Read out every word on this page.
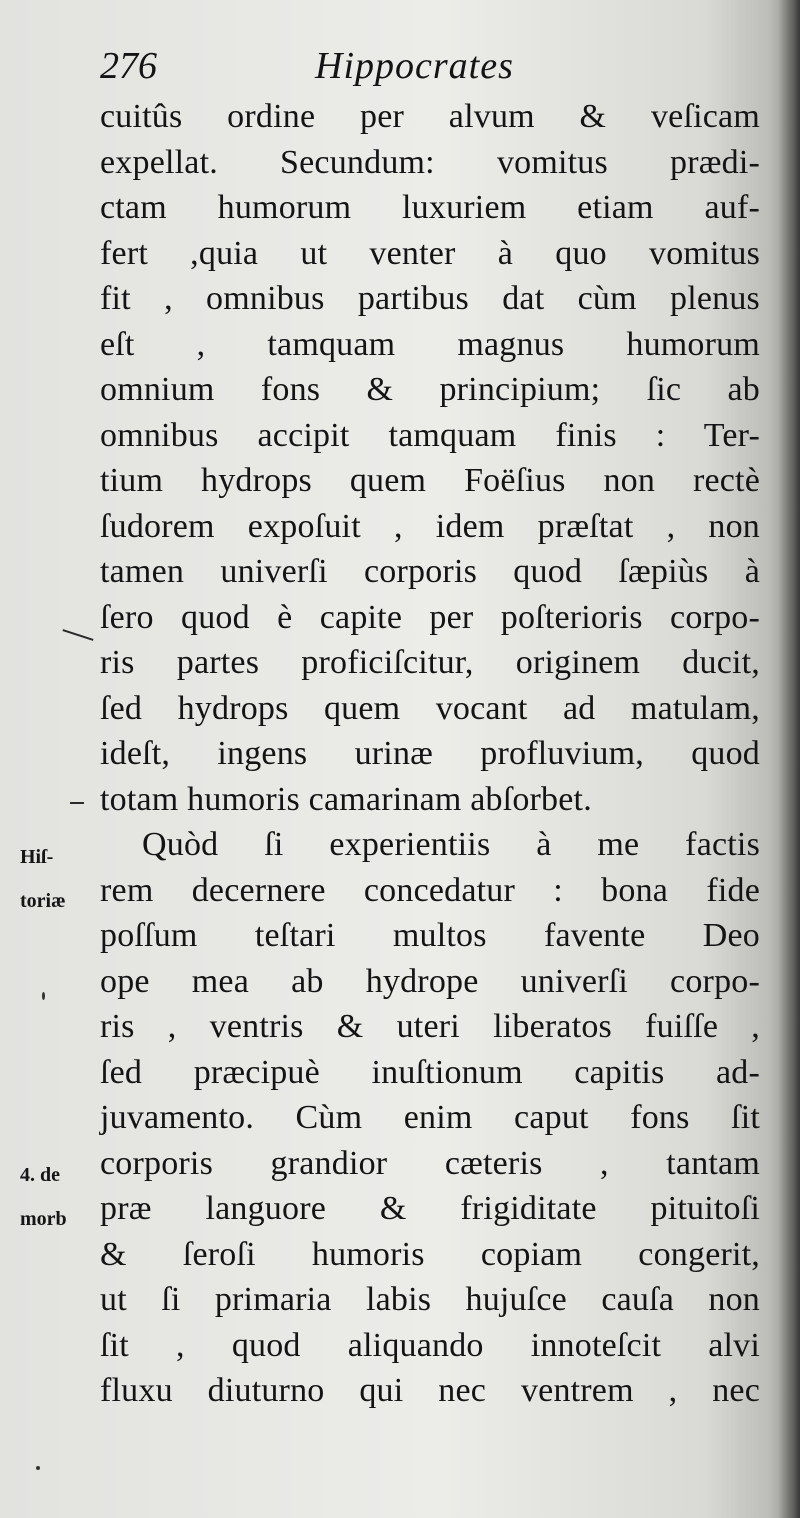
276	Hippocrates
Hiſ-
toriæ
4. de
morb
cuitûs ordine per alvum & veſicam
expellat. Secundum: vomitus prædi-
ctam humorum luxuriem etiam auf-
fert ,quia ut venter à quo vomitus
fit , omnibus partibus dat cùm plenus
eſt , tamquam magnus humorum
omnium fons & principium; ſic ab
omnibus accipit tamquam finis : Ter-
tium hydrops quem Foëſius non rectè
ſudorem expoſuit , idem præſtat , non
tamen univerſi corporis quod ſæpiùs à
ſero quod è capite per poſterioris corpo-
ris partes proficiſcitur, originem ducit,
ſed hydrops quem vocant ad matulam,
ideſt, ingens urinæ profluvium, quod
totam humoris camarinam abſorbet.
Quòd ſi experientiis à me factis
rem decernere concedatur : bona fide
poſſum teſtari multos favente Deo
ope mea ab hydrope univerſi corpo-
ris , ventris & uteri liberatos fuiſſe ,
ſed præcipuè inuſtionum capitis ad-
juvamento. Cùm enim caput fons ſit
corporis grandior cæteris , tantam
præ languore & frigiditate pituitoſi
& ſeroſi humoris copiam congerit,
ut ſi primaria labis hujuſce cauſa non
ſit , quod aliquando innoteſcit alvi
fluxu diuturno qui nec ventrem , nec
